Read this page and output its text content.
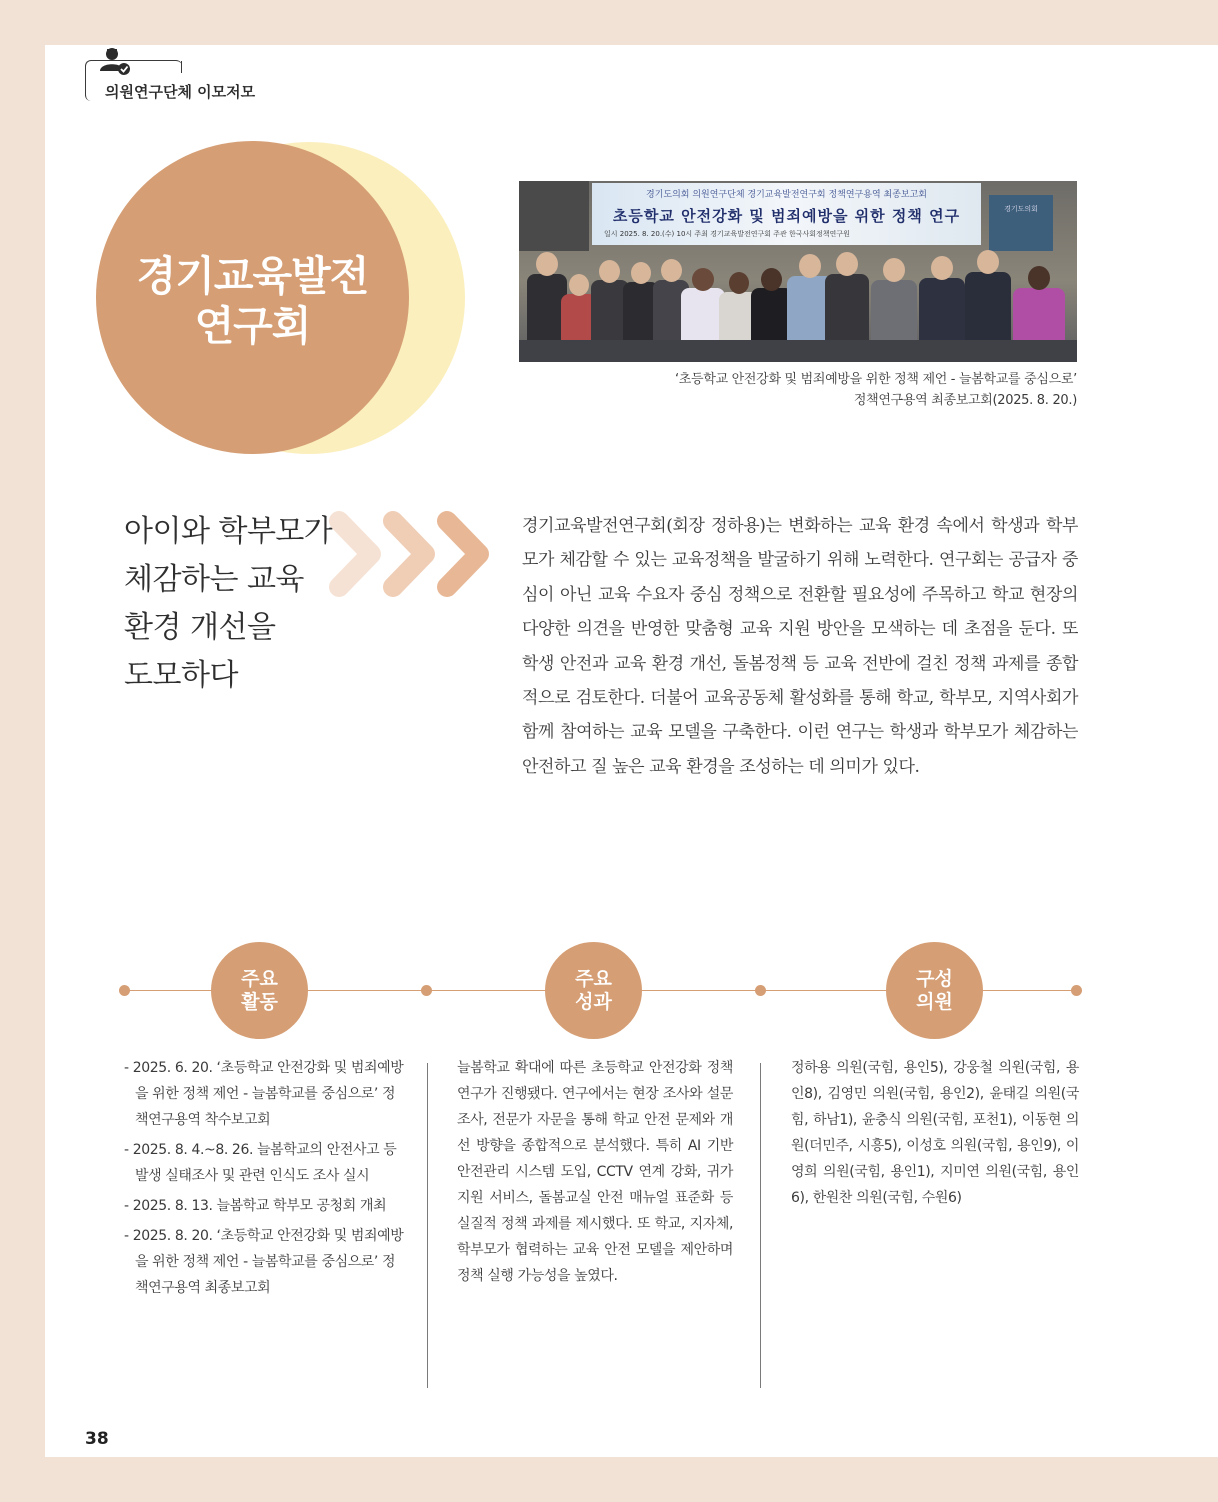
의원연구단체 이모저모
경기교육발전
연구회
경기도의회 의원연구단체 경기교육발전연구회 정책연구용역 최종보고회
초등학교 안전강화 및 범죄예방을 위한 정책 연구
일시 2025. 8. 20.(수) 10시 주최 경기교육발전연구회 주관 한국사회정책연구원
경기도의회
‘초등학교 안전강화 및 범죄예방을 위한 정책 제언 - 늘봄학교를 중심으로’
정책연구용역 최종보고회(2025. 8. 20.)
아이와 학부모가
체감하는 교육
환경 개선을
도모하다
경기교육발전연구회(회장 정하용)는 변화하는 교육 환경 속에서 학생과 학부모가 체감할 수 있는 교육정책을 발굴하기 위해 노력한다. 연구회는 공급자 중심이 아닌 교육 수요자 중심 정책으로 전환할 필요성에 주목하고 학교 현장의 다양한 의견을 반영한 맞춤형 교육 지원 방안을 모색하는 데 초점을 둔다. 또 학생 안전과 교육 환경 개선, 돌봄정책 등 교육 전반에 걸친 정책 과제를 종합적으로 검토한다. 더불어 교육공동체 활성화를 통해 학교, 학부모, 지역사회가 함께 참여하는 교육 모델을 구축한다. 이런 연구는 학생과 학부모가 체감하는 안전하고 질 높은 교육 환경을 조성하는 데 의미가 있다.
주요
활동
주요
성과
구성
의원
- 2025. 6. 20. ‘초등학교 안전강화 및 범죄예방을 위한 정책 제언 - 늘봄학교를 중심으로’ 정책연구용역 착수보고회
- 2025. 8. 4.~8. 26. 늘봄학교의 안전사고 등 발생 실태조사 및 관련 인식도 조사 실시
- 2025. 8. 13. 늘봄학교 학부모 공청회 개최
- 2025. 8. 20. ‘초등학교 안전강화 및 범죄예방을 위한 정책 제언 - 늘봄학교를 중심으로’ 정책연구용역 최종보고회
늘봄학교 확대에 따른 초등학교 안전강화 정책 연구가 진행됐다. 연구에서는 현장 조사와 설문 조사, 전문가 자문을 통해 학교 안전 문제와 개선 방향을 종합적으로 분석했다. 특히 AI 기반 안전관리 시스템 도입, CCTV 연계 강화, 귀가 지원 서비스, 돌봄교실 안전 매뉴얼 표준화 등 실질적 정책 과제를 제시했다. 또 학교, 지자체, 학부모가 협력하는 교육 안전 모델을 제안하며 정책 실행 가능성을 높였다.
정하용 의원(국힘, 용인5), 강웅철 의원(국힘, 용인8), 김영민 의원(국힘, 용인2), 윤태길 의원(국힘, 하남1), 윤충식 의원(국힘, 포천1), 이동현 의원(더민주, 시흥5), 이성호 의원(국힘, 용인9), 이영희 의원(국힘, 용인1), 지미연 의원(국힘, 용인6), 한원찬 의원(국힘, 수원6)
38
